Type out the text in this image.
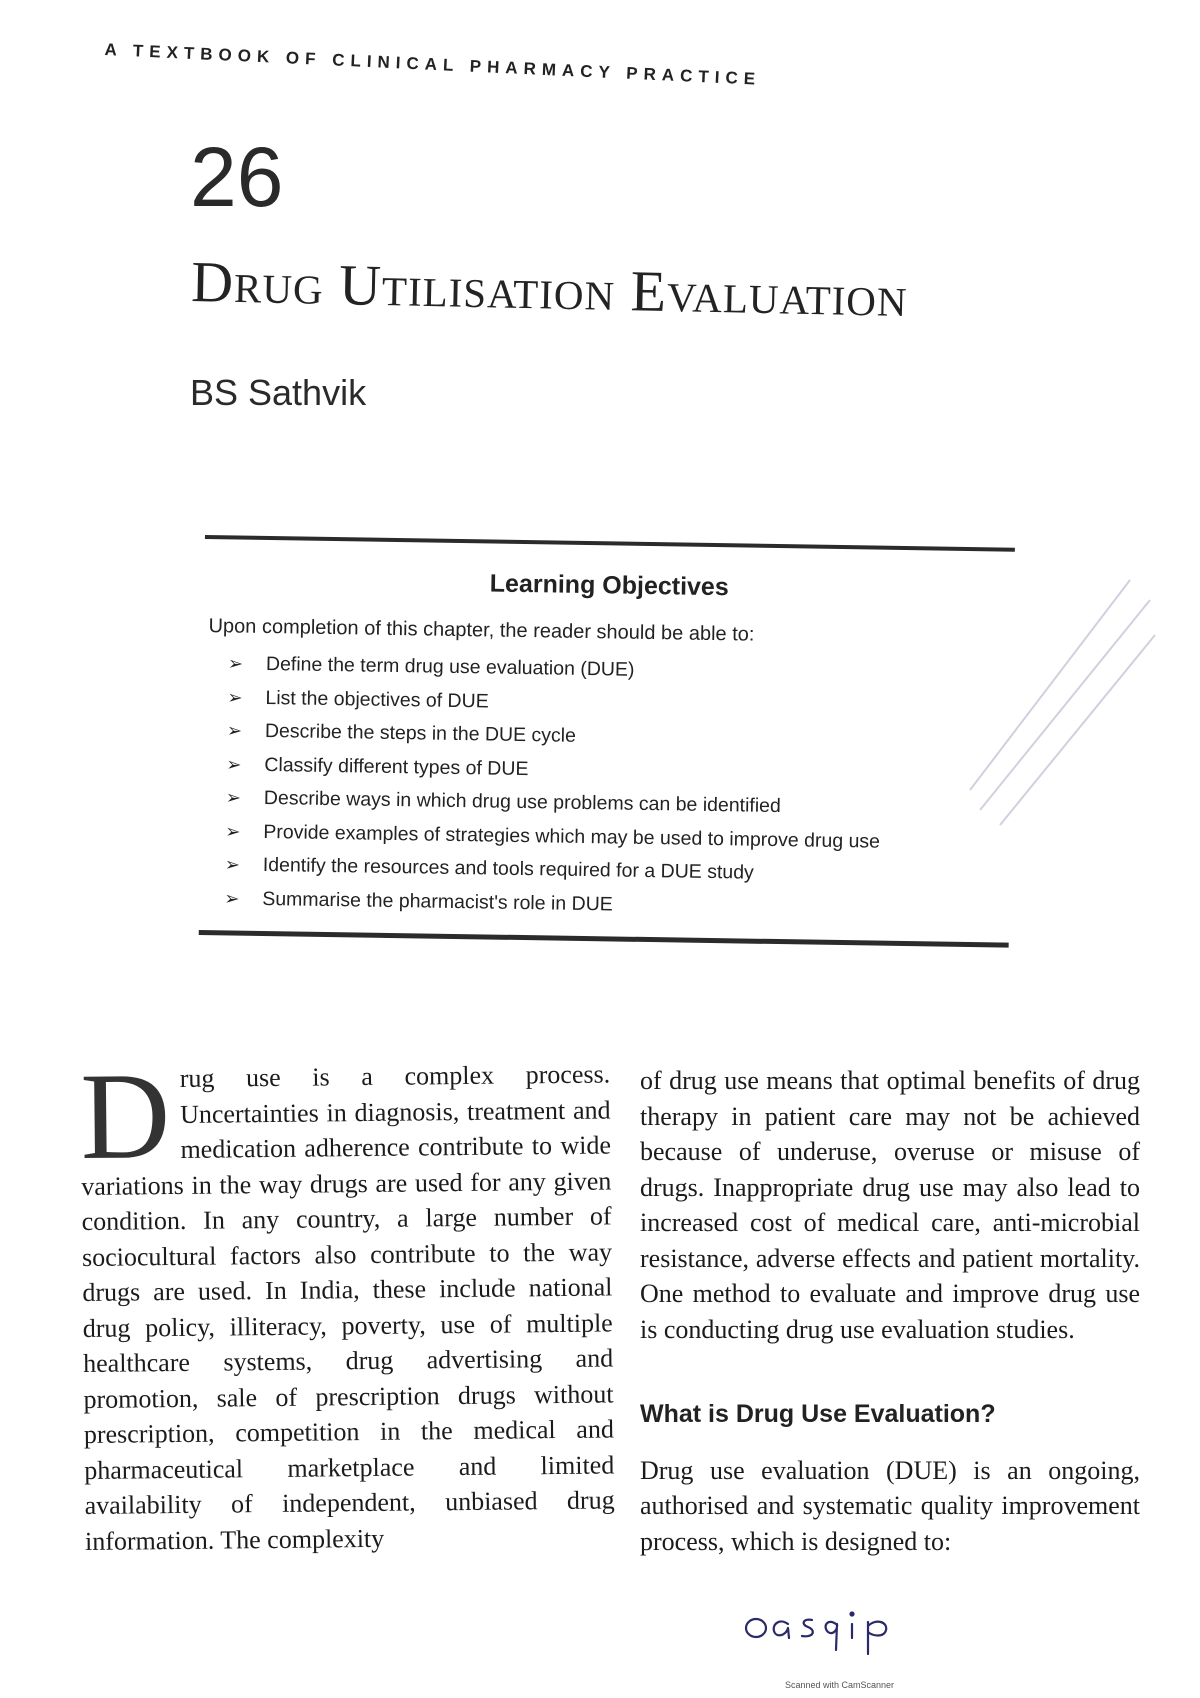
A TEXTBOOK OF CLINICAL PHARMACY PRACTICE
26
Drug Utilisation Evaluation
BS Sathvik
Learning Objectives
Upon completion of this chapter, the reader should be able to:
➢ Define the term drug use evaluation (DUE)
➢ List the objectives of DUE
➢ Describe the steps in the DUE cycle
➢ Classify different types of DUE
➢ Describe ways in which drug use problems can be identified
➢ Provide examples of strategies which may be used to improve drug use
➢ Identify the resources and tools required for a DUE study
➢ Summarise the pharmacist's role in DUE
Drug use is a complex process. Uncertainties in diagnosis, treatment and medication adherence contribute to wide variations in the way drugs are used for any given condition. In any country, a large number of sociocultural factors also contribute to the way drugs are used. In India, these include national drug policy, illiteracy, poverty, use of multiple healthcare systems, drug advertising and promotion, sale of prescription drugs without prescription, competition in the medical and pharmaceutical marketplace and limited availability of independent, unbiased drug information. The complexity

of drug use means that optimal benefits of drug therapy in patient care may not be achieved because of underuse, overuse or misuse of drugs. Inappropriate drug use may also lead to increased cost of medical care, anti-microbial resistance, adverse effects and patient mortality. One method to evaluate and improve drug use is conducting drug use evaluation studies.

What is Drug Use Evaluation?

Drug use evaluation (DUE) is an ongoing, authorised and systematic quality improvement process, which is designed to:

Scanned with CamScanner
